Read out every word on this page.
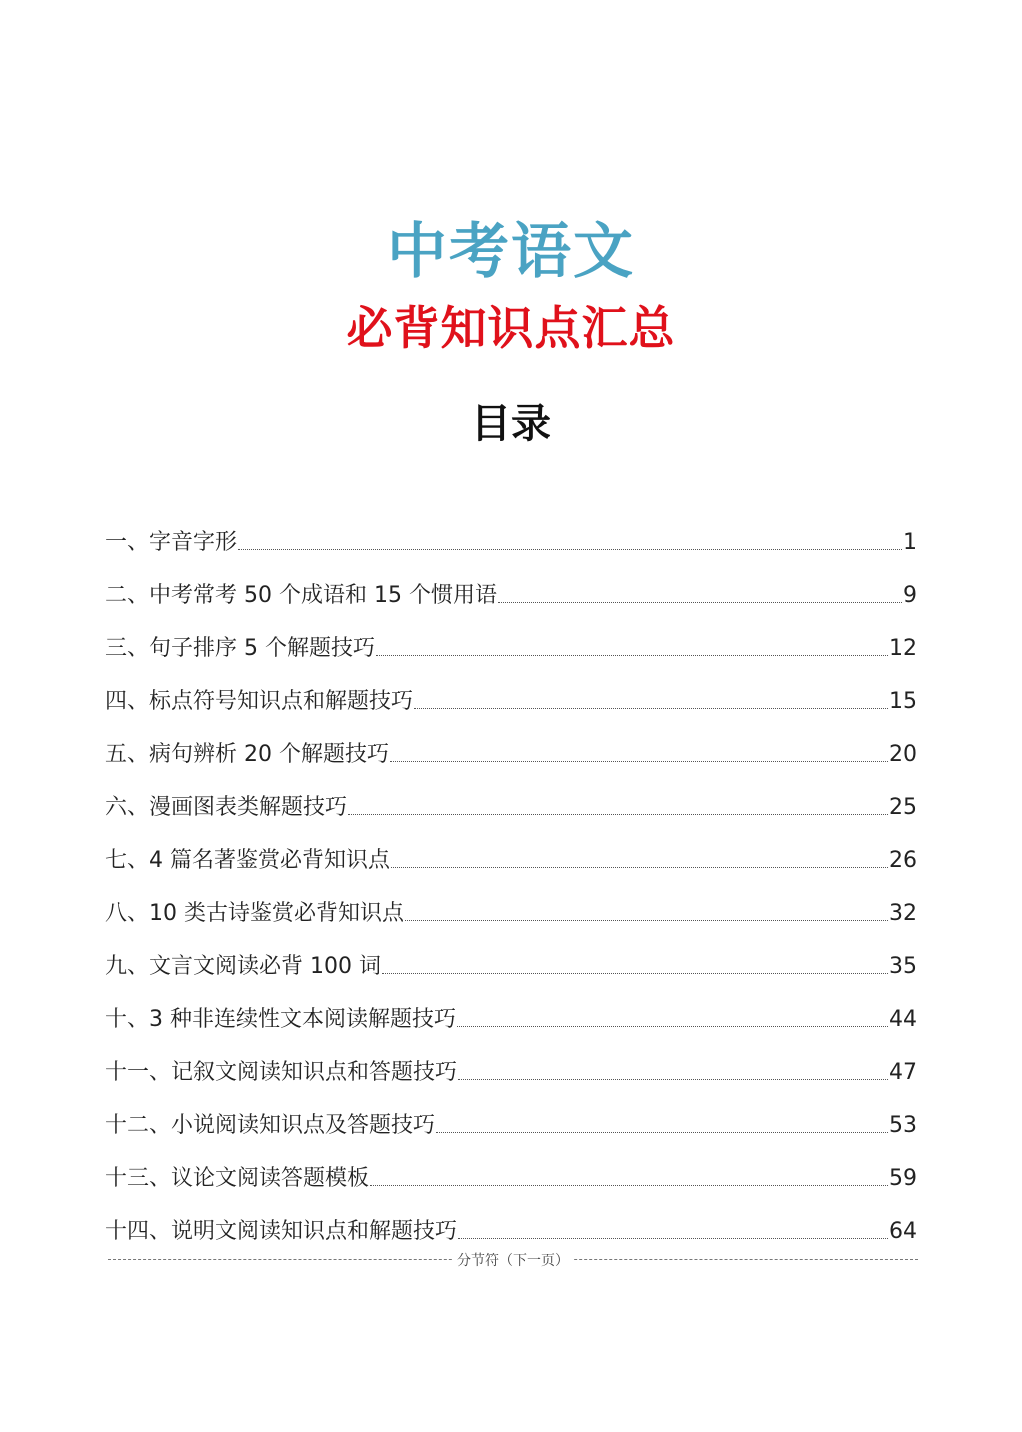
中考语文
必背知识点汇总
目录
一、字音字形	1
二、中考常考 50 个成语和 15 个惯用语	9
三、句子排序 5 个解题技巧	12
四、标点符号知识点和解题技巧	15
五、病句辨析 20 个解题技巧	20
六、漫画图表类解题技巧	25
七、4 篇名著鉴赏必背知识点	26
八、10 类古诗鉴赏必背知识点	32
九、文言文阅读必背 100 词	35
十、3 种非连续性文本阅读解题技巧	44
十一、记叙文阅读知识点和答题技巧	47
十二、小说阅读知识点及答题技巧	53
十三、议论文阅读答题模板	59
十四、说明文阅读知识点和解题技巧	64
分节符（下一页）
